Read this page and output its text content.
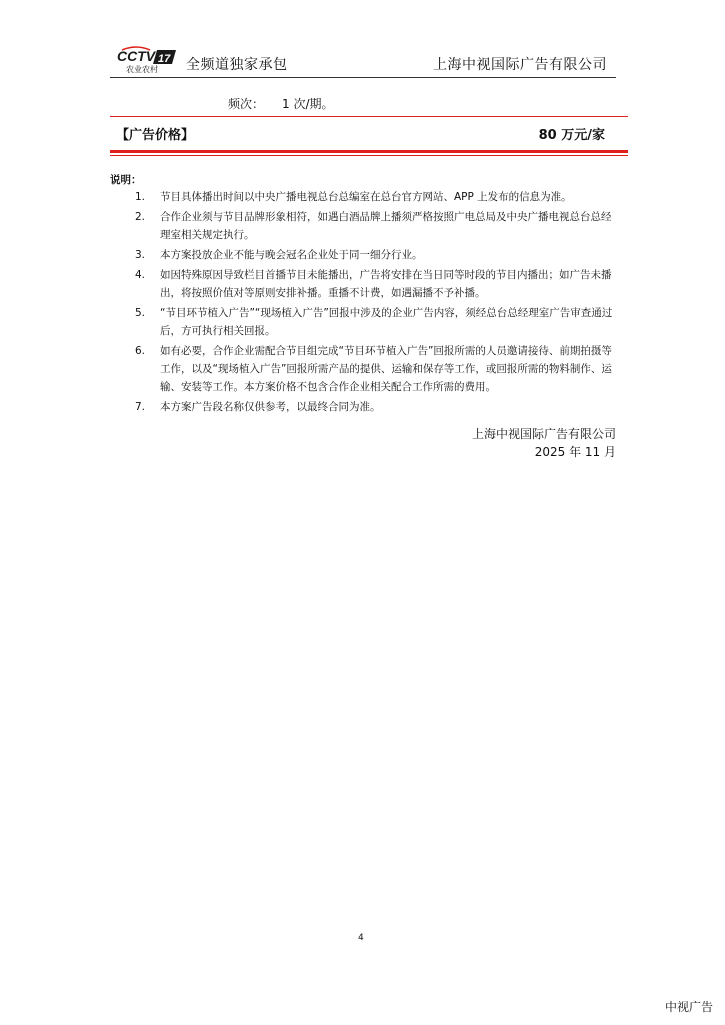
CCTV 17
农业农村 全频道独家承包	上海中视国际广告有限公司
频次： 1 次/期。
【广告价格】	80 万元/家
说明：
1. 节目具体播出时间以中央广播电视总台总编室在总台官方网站、APP 上发布的信息为准。
2. 合作企业须与节目品牌形象相符，如遇白酒品牌上播须严格按照广电总局及中央广播电视总台总经理室相关规定执行。
3. 本方案投放企业不能与晚会冠名企业处于同一细分行业。
4. 如因特殊原因导致栏目首播节目未能播出，广告将安排在当日同等时段的节目内播出；如广告未播出，将按照价值对等原则安排补播。重播不计费，如遇漏播不予补播。
5. “节目环节植入广告”“现场植入广告”回报中涉及的企业广告内容，须经总台总经理室广告审查通过后，方可执行相关回报。
6. 如有必要，合作企业需配合节目组完成“节目环节植入广告”回报所需的人员邀请接待、前期拍摄等工作，以及“现场植入广告”回报所需产品的提供、运输和保存等工作，或回报所需的物料制作、运输、安装等工作。本方案价格不包含合作企业相关配合工作所需的费用。
7. 本方案广告段名称仅供参考，以最终合同为准。
上海中视国际广告有限公司
2025 年 11 月
4
中视广告
